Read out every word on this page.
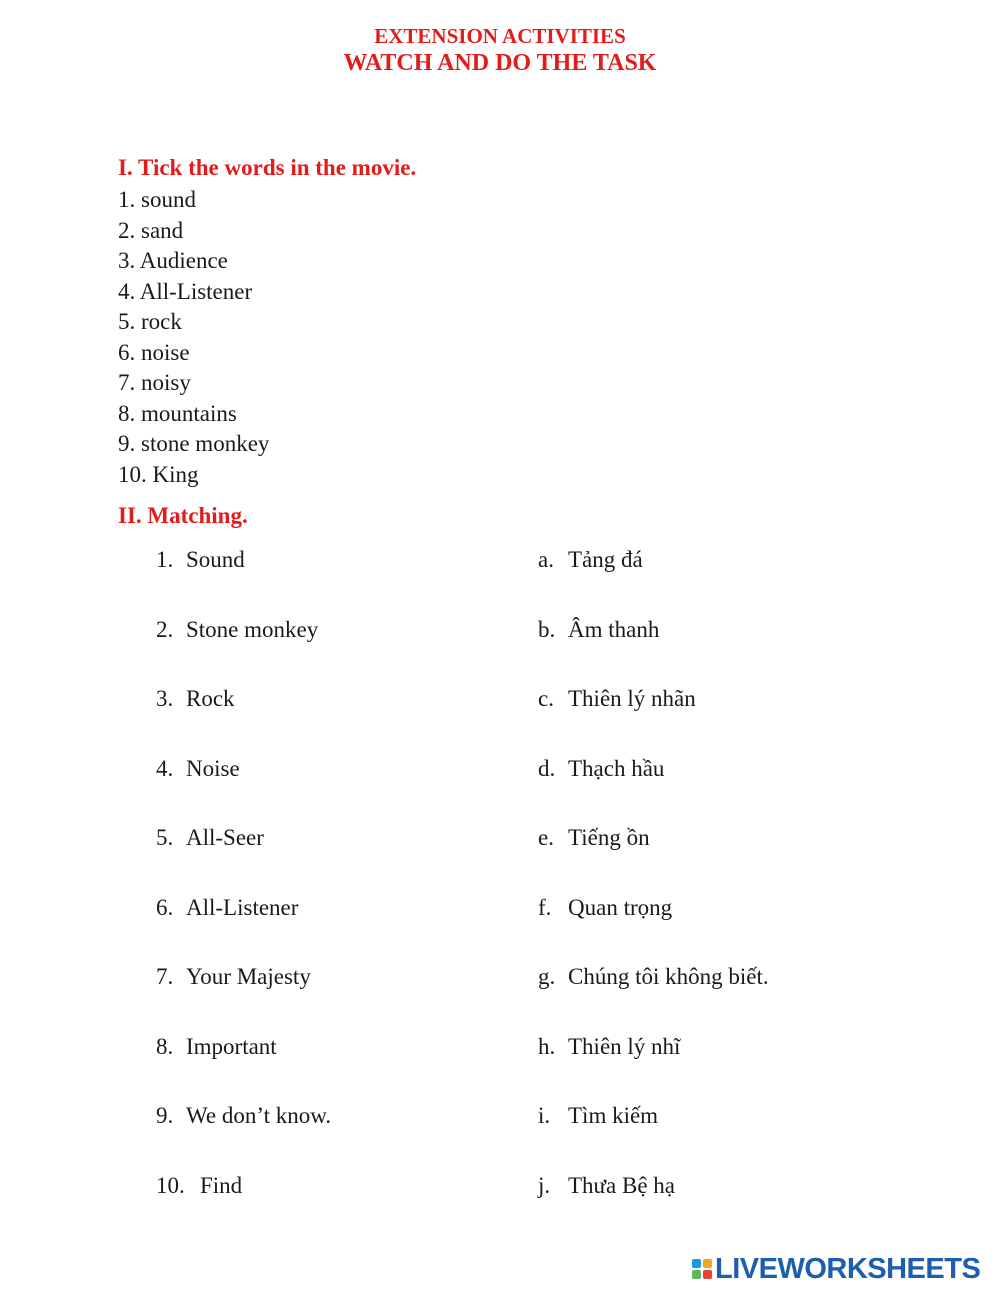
EXTENSION ACTIVITIES
WATCH AND DO THE TASK
I. Tick the words in the movie.
1. sound
2. sand
3. Audience
4. All-Listener
5. rock
6. noise
7. noisy
8. mountains
9. stone monkey
10. King
II. Matching.
1. Sound
2. Stone monkey
3. Rock
4. Noise
5. All-Seer
6. All-Listener
7. Your Majesty
8. Important
9. We don’t know.
10. Find
a. Tảng đá
b. Âm thanh
c. Thiên lý nhãn
d. Thạch hầu
e. Tiếng ồn
f. Quan trọng
g. Chúng tôi không biết.
h. Thiên lý nhĩ
i. Tìm kiếm
j. Thưa Bệ hạ
LIVEWORKSHEETS
